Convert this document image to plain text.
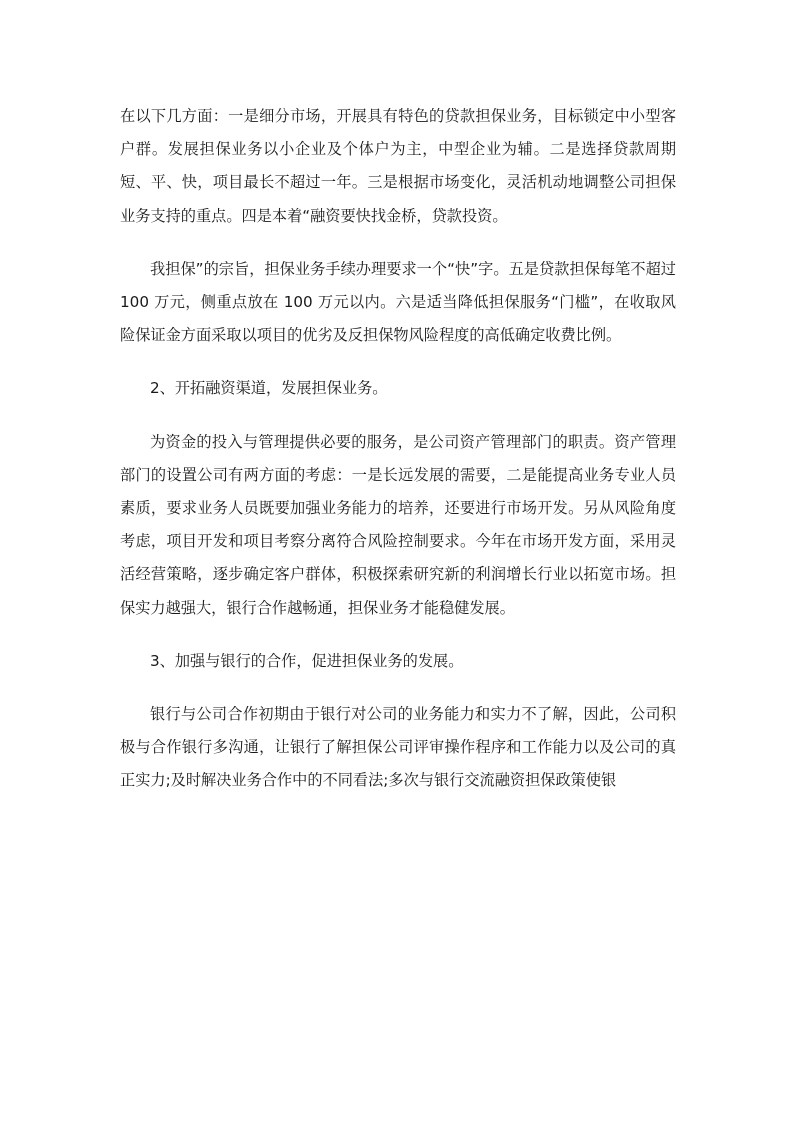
在以下几方面：一是细分市场，开展具有特色的贷款担保业务，目标锁定中小型客户群。发展担保业务以小企业及个体户为主，中型企业为辅。二是选择贷款周期短、平、快，项目最长不超过一年。三是根据市场变化，灵活机动地调整公司担保业务支持的重点。四是本着“融资要快找金桥，贷款投资。

我担保”的宗旨，担保业务手续办理要求一个“快”字。五是贷款担保每笔不超过 100 万元，侧重点放在 100 万元以内。六是适当降低担保服务“门槛”，在收取风险保证金方面采取以项目的优劣及反担保物风险程度的高低确定收费比例。

2、开拓融资渠道，发展担保业务。

为资金的投入与管理提供必要的服务，是公司资产管理部门的职责。资产管理部门的设置公司有两方面的考虑：一是长远发展的需要，二是能提高业务专业人员素质，要求业务人员既要加强业务能力的培养，还要进行市场开发。另从风险角度考虑，项目开发和项目考察分离符合风险控制要求。今年在市场开发方面，采用灵活经营策略，逐步确定客户群体，积极探索研究新的利润增长行业以拓宽市场。担保实力越强大，银行合作越畅通，担保业务才能稳健发展。

3、加强与银行的合作，促进担保业务的发展。

银行与公司合作初期由于银行对公司的业务能力和实力不了解，因此，公司积极与合作银行多沟通，让银行了解担保公司评审操作程序和工作能力以及公司的真正实力;及时解决业务合作中的不同看法;多次与银行交流融资担保政策使银
